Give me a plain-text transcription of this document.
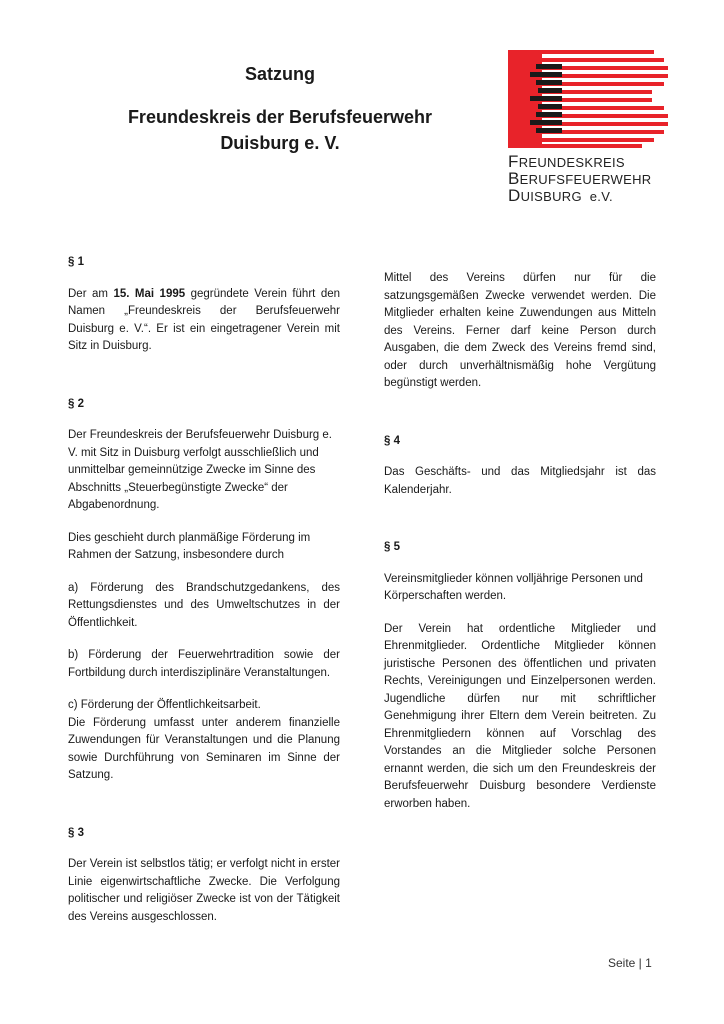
Satzung

Freundeskreis der Berufsfeuerwehr

Duisburg e. V.

FREUNDESKREIS
BERUFSFEUERWEHR
DUISBURG e.V.

§ 1

Der am 15. Mai 1995 gegründete Verein führt den Namen „Freundeskreis der Berufsfeuerwehr Duisburg e. V.“. Er ist ein eingetragener Verein mit Sitz in Duisburg.

§ 2

Der Freundeskreis der Berufsfeuerwehr Duisburg e. V. mit Sitz in Duisburg verfolgt ausschließlich und unmittelbar gemeinnützige Zwecke im Sinne des Abschnitts „Steuerbegünstigte Zwecke“ der Abgabenordnung.

Dies geschieht durch planmäßige Förderung im Rahmen der Satzung, insbesondere durch

a) Förderung des Brandschutzgedankens, des Rettungsdienstes und des Umweltschutzes in der Öffentlichkeit.

b) Förderung der Feuerwehrtradition sowie der Fortbildung durch interdisziplinäre Veranstaltungen.

c) Förderung der Öffentlichkeitsarbeit.

Die Förderung umfasst unter anderem finanzielle Zuwendungen für Veranstaltungen und die Planung sowie Durchführung von Seminaren im Sinne der Satzung.

§ 3

Der Verein ist selbstlos tätig; er verfolgt nicht in erster Linie eigenwirtschaftliche Zwecke. Die Verfolgung politischer und religiöser Zwecke ist von der Tätigkeit des Vereins ausgeschlossen.

Mittel des Vereins dürfen nur für die satzungsgemäßen Zwecke verwendet werden. Die Mitglieder erhalten keine Zuwendungen aus Mitteln des Vereins. Ferner darf keine Person durch Ausgaben, die dem Zweck des Vereins fremd sind, oder durch unverhältnismäßig hohe Vergütung begünstigt werden.

§ 4

Das Geschäfts- und das Mitgliedsjahr ist das Kalenderjahr.

§ 5

Vereinsmitglieder können volljährige Personen und Körperschaften werden.

Der Verein hat ordentliche Mitglieder und Ehrenmitglieder. Ordentliche Mitglieder können juristische Personen des öffentlichen und privaten Rechts, Vereinigungen und Einzelpersonen werden. Jugendliche dürfen nur mit schriftlicher Genehmigung ihrer Eltern dem Verein beitreten. Zu Ehrenmitgliedern können auf Vorschlag des Vorstandes an die Mitglieder solche Personen ernannt werden, die sich um den Freundeskreis der Berufsfeuerwehr Duisburg besondere Verdienste erworben haben.

Seite | 1
